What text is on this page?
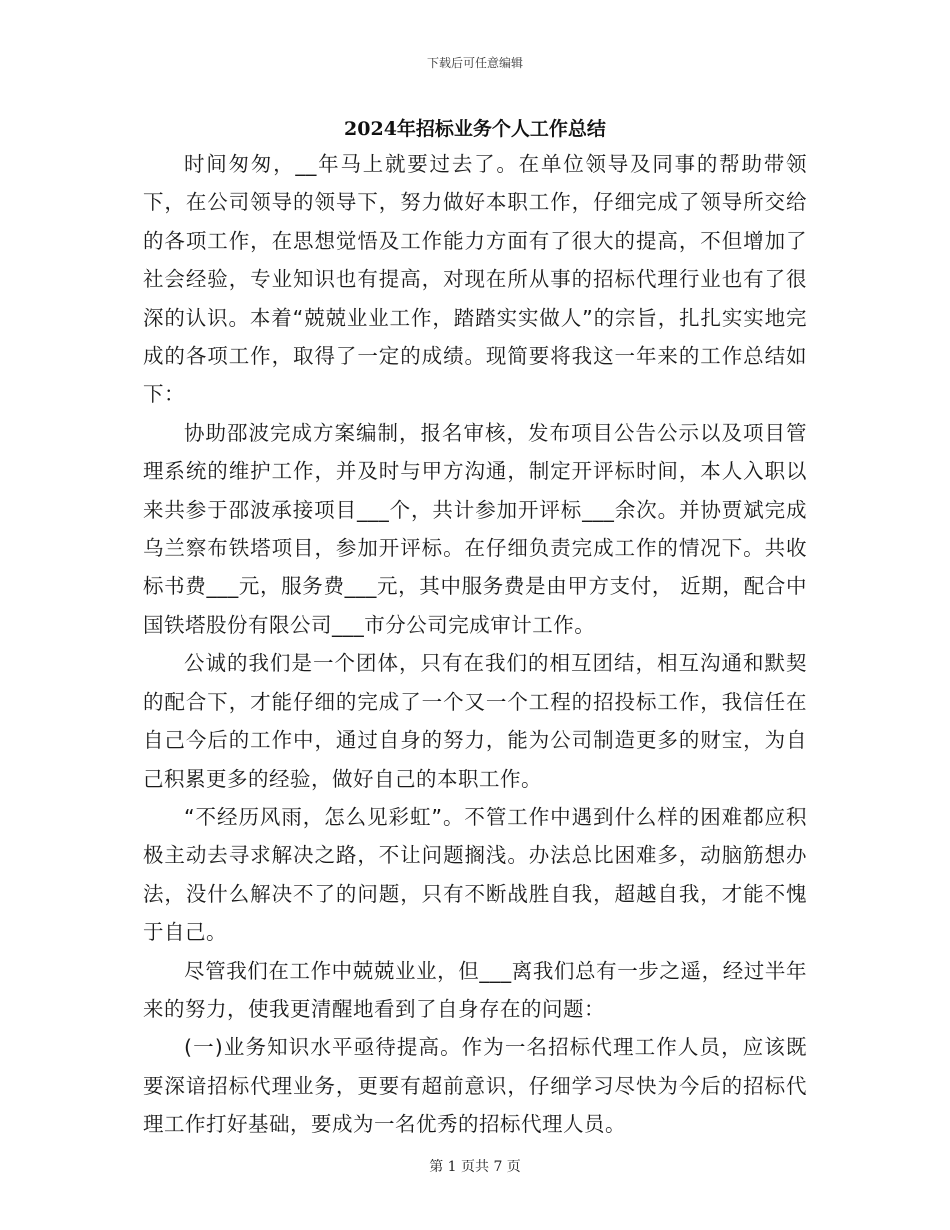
下载后可任意编辑
2024年招标业务个人工作总结

时间匆匆，__年马上就要过去了。在单位领导及同事的帮助带领下，在公司领导的领导下，努力做好本职工作，仔细完成了领导所交给的各项工作，在思想觉悟及工作能力方面有了很大的提高，不但增加了社会经验，专业知识也有提高，对现在所从事的招标代理行业也有了很深的认识。本着“兢兢业业工作，踏踏实实做人”的宗旨，扎扎实实地完成的各项工作，取得了一定的成绩。现简要将我这一年来的工作总结如下：

协助邵波完成方案编制，报名审核，发布项目公告公示以及项目管理系统的维护工作，并及时与甲方沟通，制定开评标时间，本人入职以来共参于邵波承接项目___个，共计参加开评标___余次。并协贾斌完成乌兰察布铁塔项目，参加开评标。在仔细负责完成工作的情况下。共收标书费___元，服务费___元，其中服务费是由甲方支付， 近期，配合中国铁塔股份有限公司___市分公司完成审计工作。

公诚的我们是一个团体，只有在我们的相互团结，相互沟通和默契的配合下，才能仔细的完成了一个又一个工程的招投标工作，我信任在自己今后的工作中，通过自身的努力，能为公司制造更多的财宝，为自己积累更多的经验，做好自己的本职工作。

“不经历风雨，怎么见彩虹”。不管工作中遇到什么样的困难都应积极主动去寻求解决之路，不让问题搁浅。办法总比困难多，动脑筋想办法，没什么解决不了的问题，只有不断战胜自我，超越自我，才能不愧于自己。

尽管我们在工作中兢兢业业，但___离我们总有一步之遥，经过半年来的努力，使我更清醒地看到了自身存在的问题：

(一)业务知识水平亟待提高。作为一名招标代理工作人员，应该既要深谙招标代理业务，更要有超前意识，仔细学习尽快为今后的招标代理工作打好基础，要成为一名优秀的招标代理人员。

第 1 页共 7 页
